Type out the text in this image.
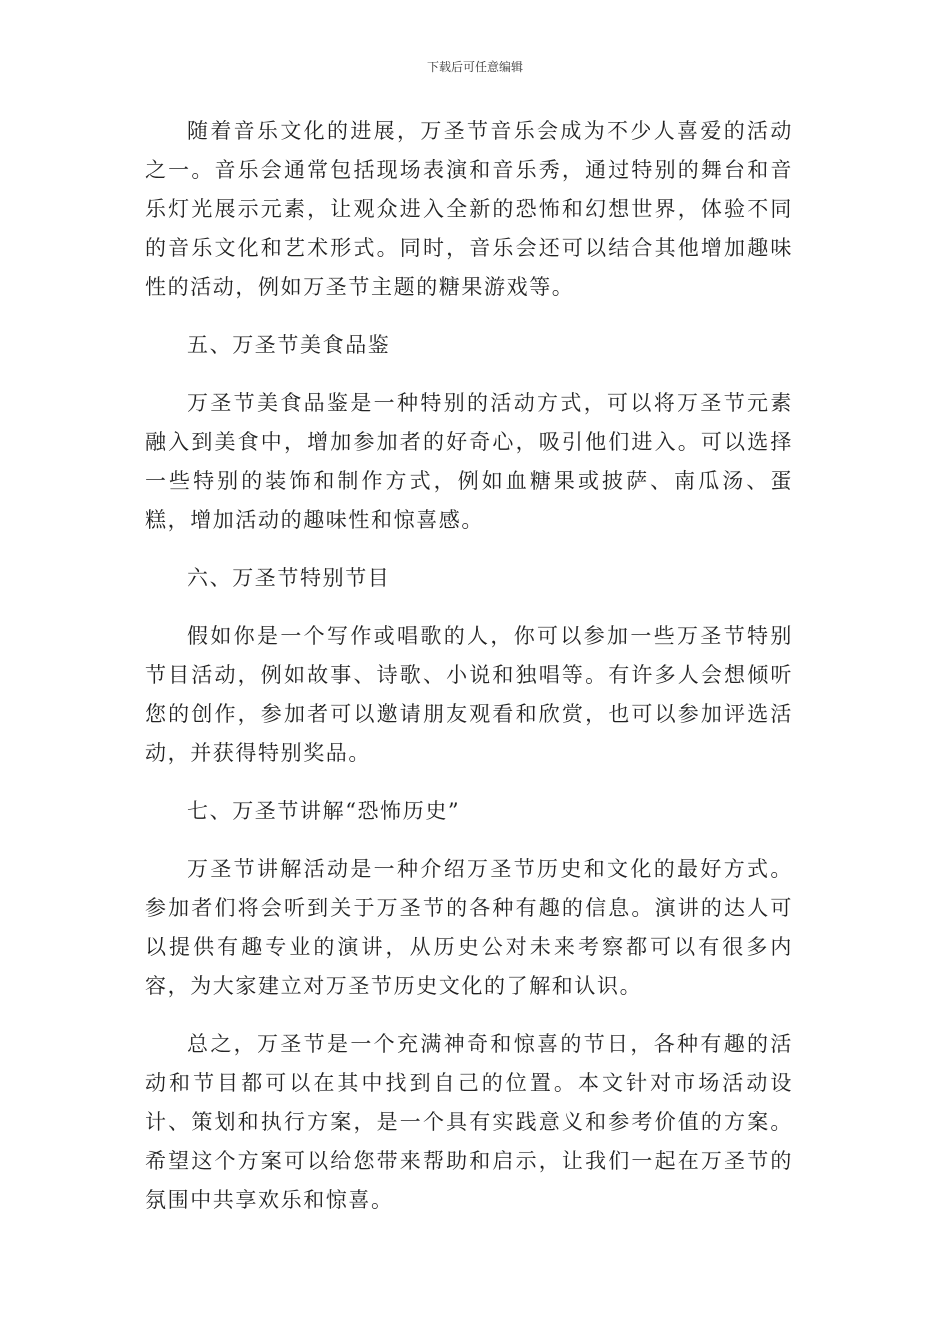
下载后可任意编辑

随着音乐文化的进展，万圣节音乐会成为不少人喜爱的活动之一。音乐会通常包括现场表演和音乐秀，通过特别的舞台和音乐灯光展示元素，让观众进入全新的恐怖和幻想世界，体验不同的音乐文化和艺术形式。同时，音乐会还可以结合其他增加趣味性的活动，例如万圣节主题的糖果游戏等。

五、万圣节美食品鉴

万圣节美食品鉴是一种特别的活动方式，可以将万圣节元素融入到美食中，增加参加者的好奇心，吸引他们进入。可以选择一些特别的装饰和制作方式，例如血糖果或披萨、南瓜汤、蛋糕，增加活动的趣味性和惊喜感。

六、万圣节特别节目

假如你是一个写作或唱歌的人，你可以参加一些万圣节特别节目活动，例如故事、诗歌、小说和独唱等。有许多人会想倾听您的创作，参加者可以邀请朋友观看和欣赏，也可以参加评选活动，并获得特别奖品。

七、万圣节讲解“恐怖历史”

万圣节讲解活动是一种介绍万圣节历史和文化的最好方式。参加者们将会听到关于万圣节的各种有趣的信息。演讲的达人可以提供有趣专业的演讲，从历史公对未来考察都可以有很多内容，为大家建立对万圣节历史文化的了解和认识。

总之，万圣节是一个充满神奇和惊喜的节日，各种有趣的活动和节目都可以在其中找到自己的位置。本文针对市场活动设计、策划和执行方案，是一个具有实践意义和参考价值的方案。希望这个方案可以给您带来帮助和启示，让我们一起在万圣节的氛围中共享欢乐和惊喜。
